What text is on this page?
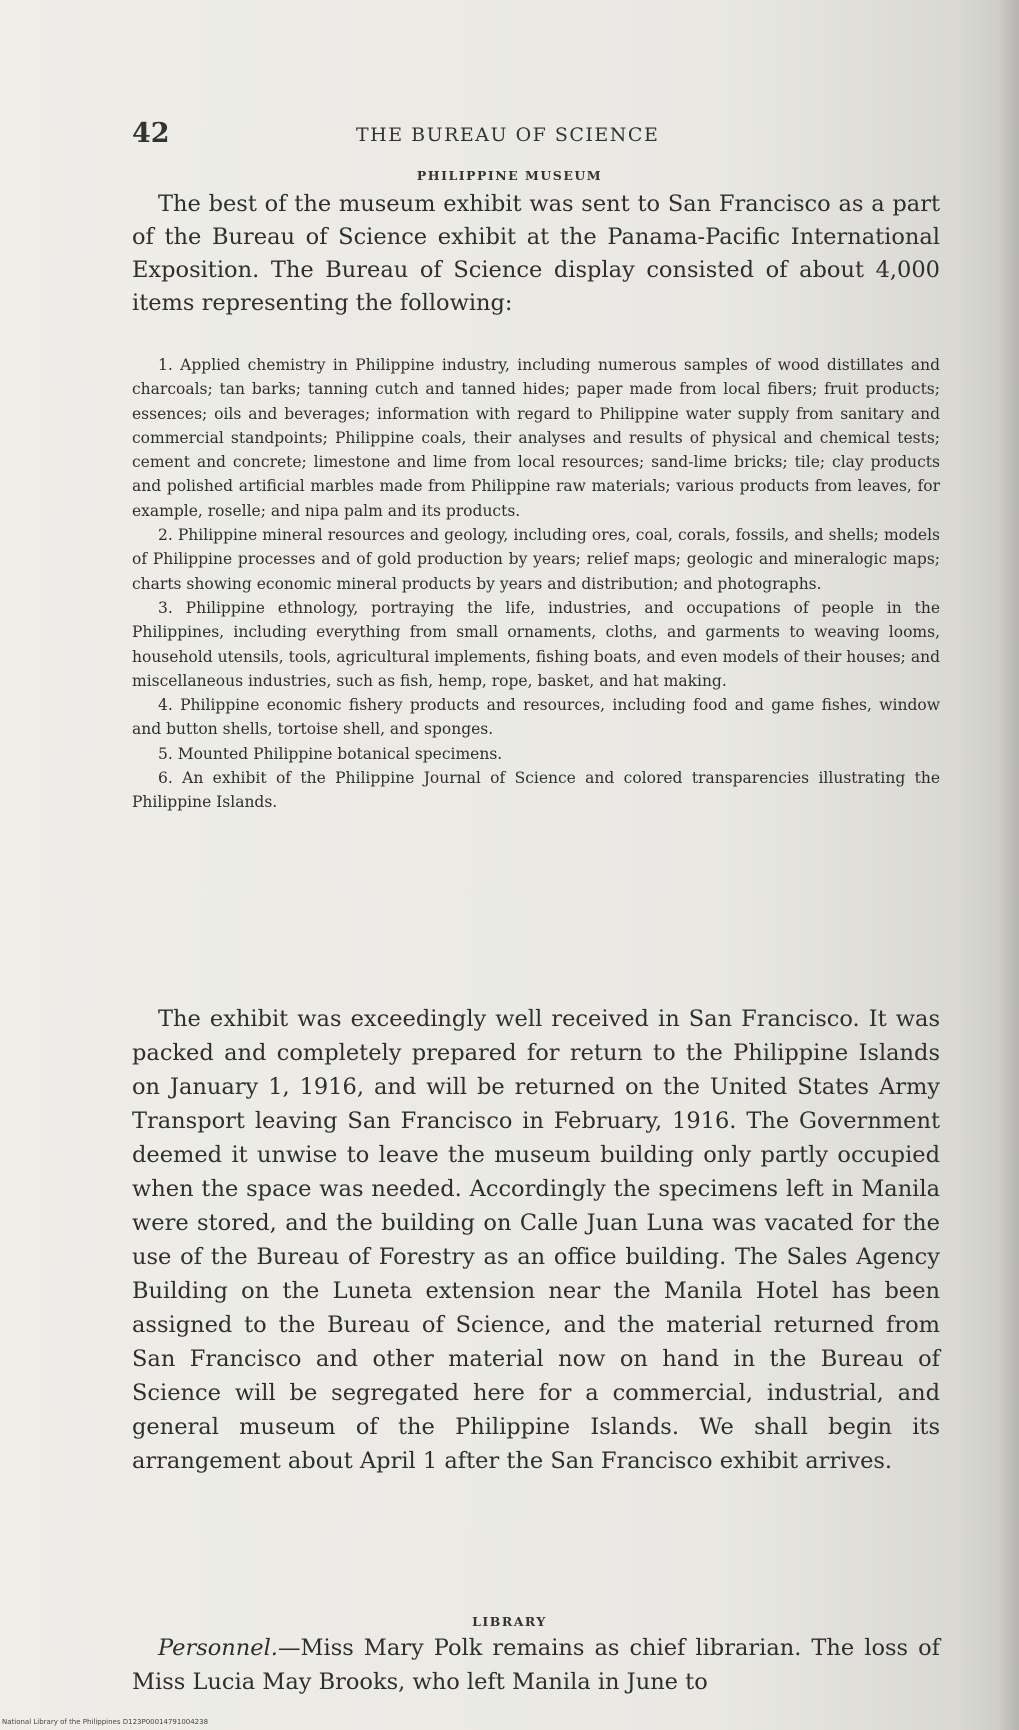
42	THE BUREAU OF SCIENCE
PHILIPPINE MUSEUM

The best of the museum exhibit was sent to San Francisco as a part of the Bureau of Science exhibit at the Panama-Pacific International Exposition. The Bureau of Science display consisted of about 4,000 items representing the following:

1. Applied chemistry in Philippine industry, including numerous samples of wood distillates and charcoals; tan barks; tanning cutch and tanned hides; paper made from local fibers; fruit products; essences; oils and beverages; information with regard to Philippine water supply from sanitary and commercial standpoints; Philippine coals, their analyses and results of physical and chemical tests; cement and concrete; limestone and lime from local resources; sand-lime bricks; tile; clay products and polished artificial marbles made from Philippine raw materials; various products from leaves, for example, roselle; and nipa palm and its products.

2. Philippine mineral resources and geology, including ores, coal, corals, fossils, and shells; models of Philippine processes and of gold production by years; relief maps; geologic and mineralogic maps; charts showing economic mineral products by years and distribution; and photographs.

3. Philippine ethnology, portraying the life, industries, and occupations of people in the Philippines, including everything from small ornaments, cloths, and garments to weaving looms, household utensils, tools, agricultural implements, fishing boats, and even models of their houses; and miscellaneous industries, such as fish, hemp, rope, basket, and hat making.

4. Philippine economic fishery products and resources, including food and game fishes, window and button shells, tortoise shell, and sponges.

5. Mounted Philippine botanical specimens.

6. An exhibit of the Philippine Journal of Science and colored transparencies illustrating the Philippine Islands.

The exhibit was exceedingly well received in San Francisco. It was packed and completely prepared for return to the Philippine Islands on January 1, 1916, and will be returned on the United States Army Transport leaving San Francisco in February, 1916. The Government deemed it unwise to leave the museum building only partly occupied when the space was needed. Accordingly the specimens left in Manila were stored, and the building on Calle Juan Luna was vacated for the use of the Bureau of Forestry as an office building. The Sales Agency Building on the Luneta extension near the Manila Hotel has been assigned to the Bureau of Science, and the material returned from San Francisco and other material now on hand in the Bureau of Science will be segregated here for a commercial, industrial, and general museum of the Philippine Islands. We shall begin its arrangement about April 1 after the San Francisco exhibit arrives.

LIBRARY

Personnel.—Miss Mary Polk remains as chief librarian. The loss of Miss Lucia May Brooks, who left Manila in June to

National Library of the Philippines D123P00014791004238
